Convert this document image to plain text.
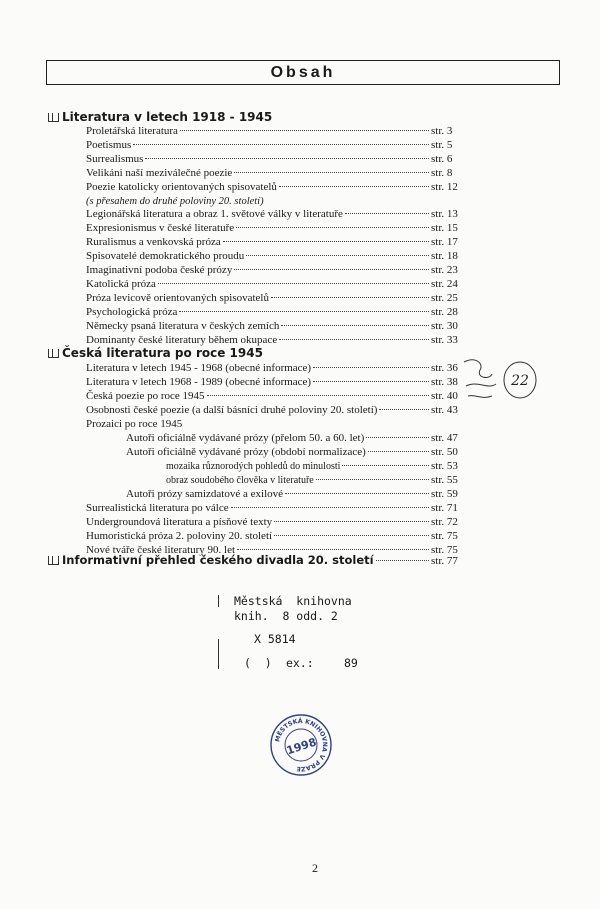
Obsah
Literatura v letech 1918 - 1945
Proletářská literatura	str. 3
Poetismus	str. 5
Surrealismus	str. 6
Velikáni naší meziválečné poezie	str. 8
Poezie katolicky orientovaných spisovatelů	str. 12
(s přesahem do druhé poloviny 20. století)
Legionářská literatura a obraz 1. světové války v literatuře	str. 13
Expresionismus v české literatuře	str. 15
Ruralismus a venkovská próza	str. 17
Spisovatelé demokratického proudu	str. 18
Imaginativní podoba české prózy	str. 23
Katolická próza	str. 24
Próza levicově orientovaných spisovatelů	str. 25
Psychologická próza	str. 28
Německy psaná literatura v českých zemích	str. 30
Dominanty české literatury během okupace	str. 33
Česká literatura po roce 1945
Literatura v letech 1945 - 1968 (obecné informace)	str. 36
Literatura v letech 1968 - 1989 (obecné informace)	str. 38
Česká poezie po roce 1945	str. 40
Osobnosti české poezie (a další básníci druhé poloviny 20. století)	str. 43
Prozaici po roce 1945
Autoři oficiálně vydávané prózy (přelom 50. a 60. let)	str. 47
Autoři oficiálně vydávané prózy (období normalizace)	str. 50
mozaika různorodých pohledů do minulosti	str. 53
obraz soudobého člověka v literatuře	str. 55
Autoři prózy samizdatové a exilové	str. 59
Surrealistická literatura po válce	str. 71
Undergroundová literatura a písňové texty	str. 72
Humoristická próza 2. poloviny 20. století	str. 75
Nové tváře české literatury 90. let	str. 75
Informativní přehled českého divadla 20. století	str. 77
22
Městská  knihovna
knih.  8 odd. 2
X 5814
(  ) ex.:	89
MĚSTSKÁ KNIHOVNA V PRAZE
1998
2
